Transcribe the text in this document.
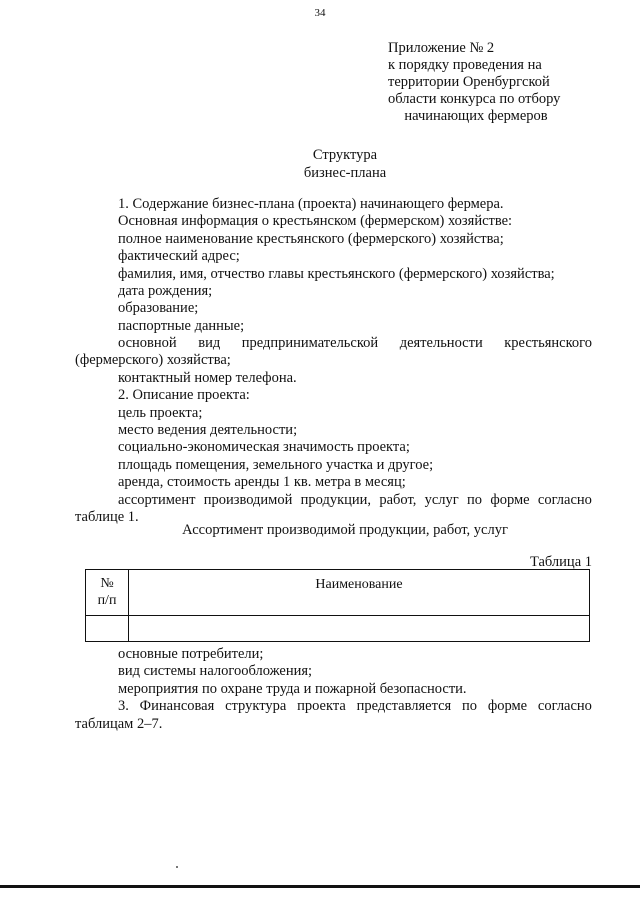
34
Приложение № 2
к порядку проведения на
территории Оренбургской
области конкурса по отбору
начинающих фермеров
Структура
бизнес-плана
1. Содержание бизнес-плана (проекта) начинающего фермера.
Основная информация о крестьянском (фермерском) хозяйстве:
полное наименование крестьянского (фермерского) хозяйства;
фактический адрес;
фамилия, имя, отчество главы крестьянского (фермерского) хозяйства;
дата рождения;
образование;
паспортные данные;
основной вид предпринимательской деятельности крестьянского
(фермерского) хозяйства;
контактный номер телефона.
2. Описание проекта:
цель проекта;
место ведения деятельности;
социально-экономическая значимость проекта;
площадь помещения, земельного участка и другое;
аренда, стоимость аренды 1 кв. метра в месяц;
ассортимент производимой продукции, работ, услуг по форме согласно
таблице 1.
Ассортимент производимой продукции, работ, услуг
Таблица 1
№
п/п	Наименование

основные потребители;
вид системы налогообложения;
мероприятия по охране труда и пожарной безопасности.
3. Финансовая структура проекта представляется по форме согласно
таблицам 2–7.
